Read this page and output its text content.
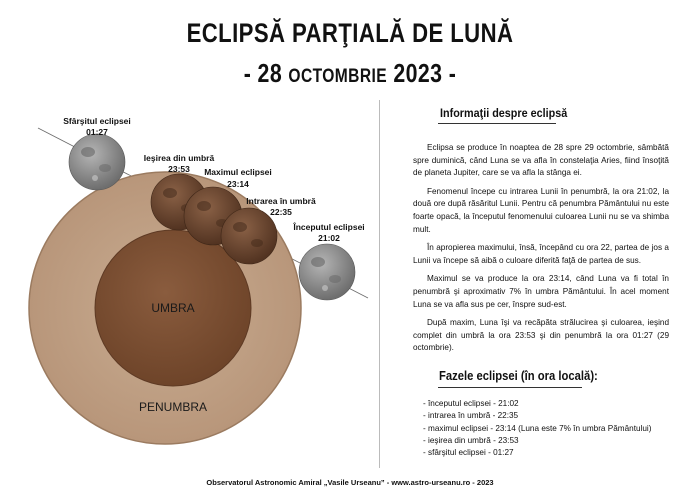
ECLIPSĂ PARŢIALĂ DE LUNĂ
- 28 OCTOMBRIE 2023 -
UMBRA
PENUMBRA
Sfârşitul eclipsei
01:27
Ieşirea din umbră
23:53 Maximul eclipsei
23:14
Intrarea în umbră
22:35
Începutul eclipsei
21:02
Informaţii despre eclipsă

Eclipsa se produce în noaptea de 28 spre 29 octombrie, sâmbătă spre duminică, când Luna se va afla în constelaţia Aries, fiind însoţită de planeta Jupiter, care se va afla la stânga ei.

Fenomenul începe cu intrarea Lunii în penumbră, la ora 21:02, la două ore după răsăritul Lunii. Pentru că penumbra Pământului nu este foarte opacă, la începutul fenomenului culoarea Lunii nu se va shimba mult.

În apropierea maximului, însă, începând cu ora 22, partea de jos a Lunii va începe să aibă o culoare diferită faţă de partea de sus.

Maximul se va produce la ora 23:14, când Luna va fi total în penumbră şi aproximativ 7% în umbra Pământului. În acel moment Luna se va afla sus pe cer, înspre sud-est.

După maxim, Luna îşi va recăpăta strălucirea şi culoarea, ieşind complet din umbră la ora 23:53 şi din penumbră la ora 01:27 (29 octombrie).

Fazele eclipsei (în ora locală):
- începutul eclipsei - 21:02
- intrarea în umbră - 22:35
- maximul eclipsei - 23:14 (Luna este 7% în umbra Pământului)
- ieşirea din umbră - 23:53
- sfârşitul eclipsei - 01:27
Observatorul Astronomic Amiral „Vasile Urseanu” - www.astro-urseanu.ro - 2023
